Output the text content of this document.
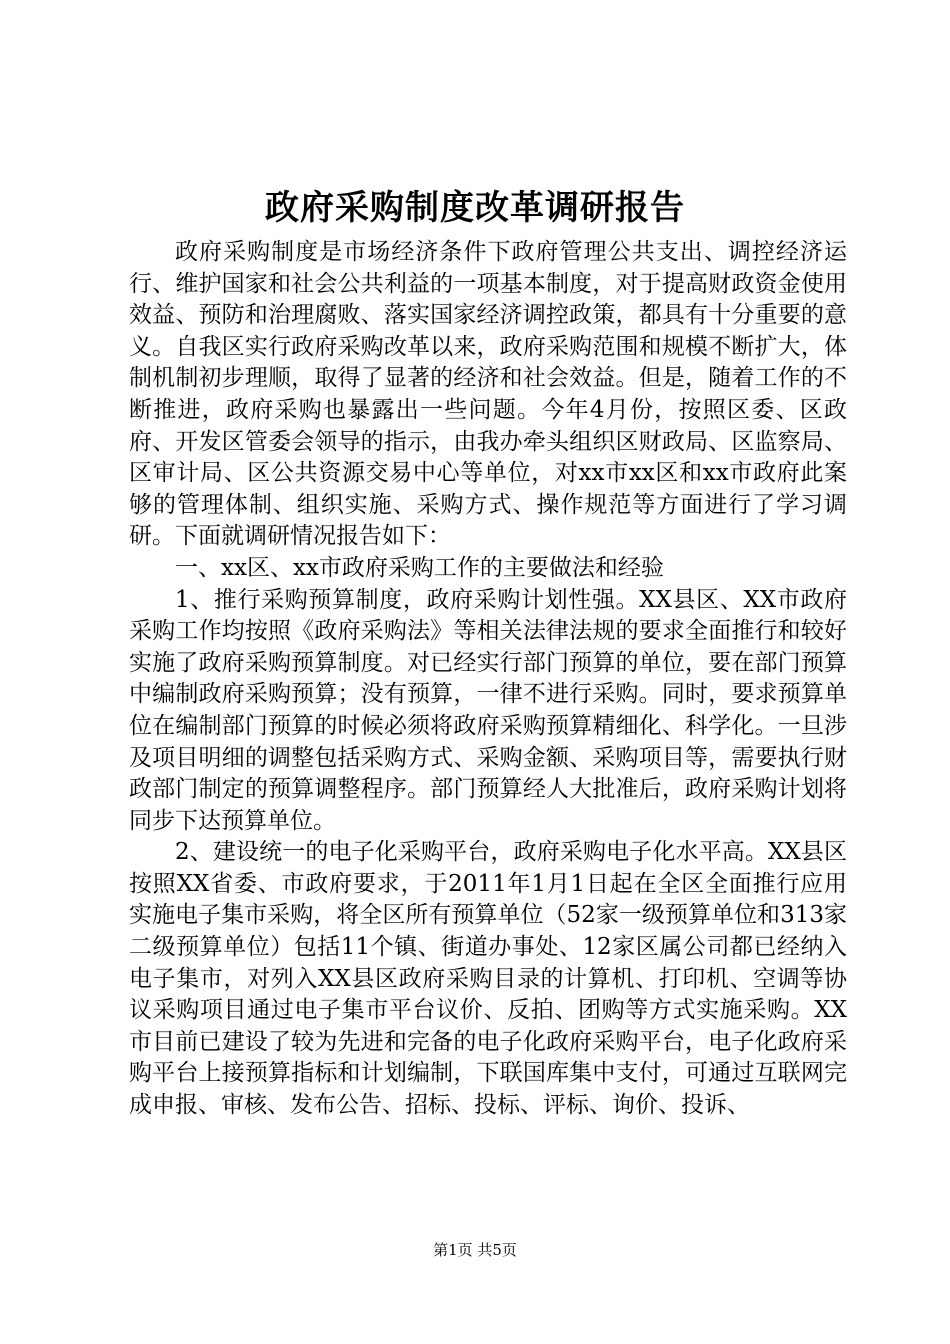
政府采购制度改革调研报告

政府采购制度是市场经济条件下政府管理公共支出、调控经济运行、维护国家和社会公共利益的一项基本制度，对于提高财政资金使用效益、预防和治理腐败、落实国家经济调控政策，都具有十分重要的意义。自我区实行政府采购改革以来，政府采购范围和规模不断扩大，体制机制初步理顺，取得了显著的经济和社会效益。但是，随着工作的不断推进，政府采购也暴露出一些问题。今年4月份，按照区委、区政府、开发区管委会领导的指示，由我办牵头组织区财政局、区监察局、区审计局、区公共资源交易中心等单位，对xx市xx区和xx市政府此案够的管理体制、组织实施、采购方式、操作规范等方面进行了学习调研。下面就调研情况报告如下：

一、xx区、xx市政府采购工作的主要做法和经验

1、推行采购预算制度，政府采购计划性强。XX县区、XX市政府采购工作均按照《政府采购法》等相关法律法规的要求全面推行和较好实施了政府采购预算制度。对已经实行部门预算的单位，要在部门预算中编制政府采购预算；没有预算，一律不进行采购。同时，要求预算单位在编制部门预算的时候必须将政府采购预算精细化、科学化。一旦涉及项目明细的调整包括采购方式、采购金额、采购项目等，需要执行财政部门制定的预算调整程序。部门预算经人大批准后，政府采购计划将同步下达预算单位。

2、建设统一的电子化采购平台，政府采购电子化水平高。XX县区按照XX省委、市政府要求，于2011年1月1日起在全区全面推行应用实施电子集市采购，将全区所有预算单位（52家一级预算单位和313家二级预算单位）包括11个镇、街道办事处、12家区属公司都已经纳入电子集市，对列入XX县区政府采购目录的计算机、打印机、空调等协议采购项目通过电子集市平台议价、反拍、团购等方式实施采购。XX市目前已建设了较为先进和完备的电子化政府采购平台，电子化政府采购平台上接预算指标和计划编制，下联国库集中支付，可通过互联网完成申报、审核、发布公告、招标、投标、评标、询价、投诉、

第1页 共5页
